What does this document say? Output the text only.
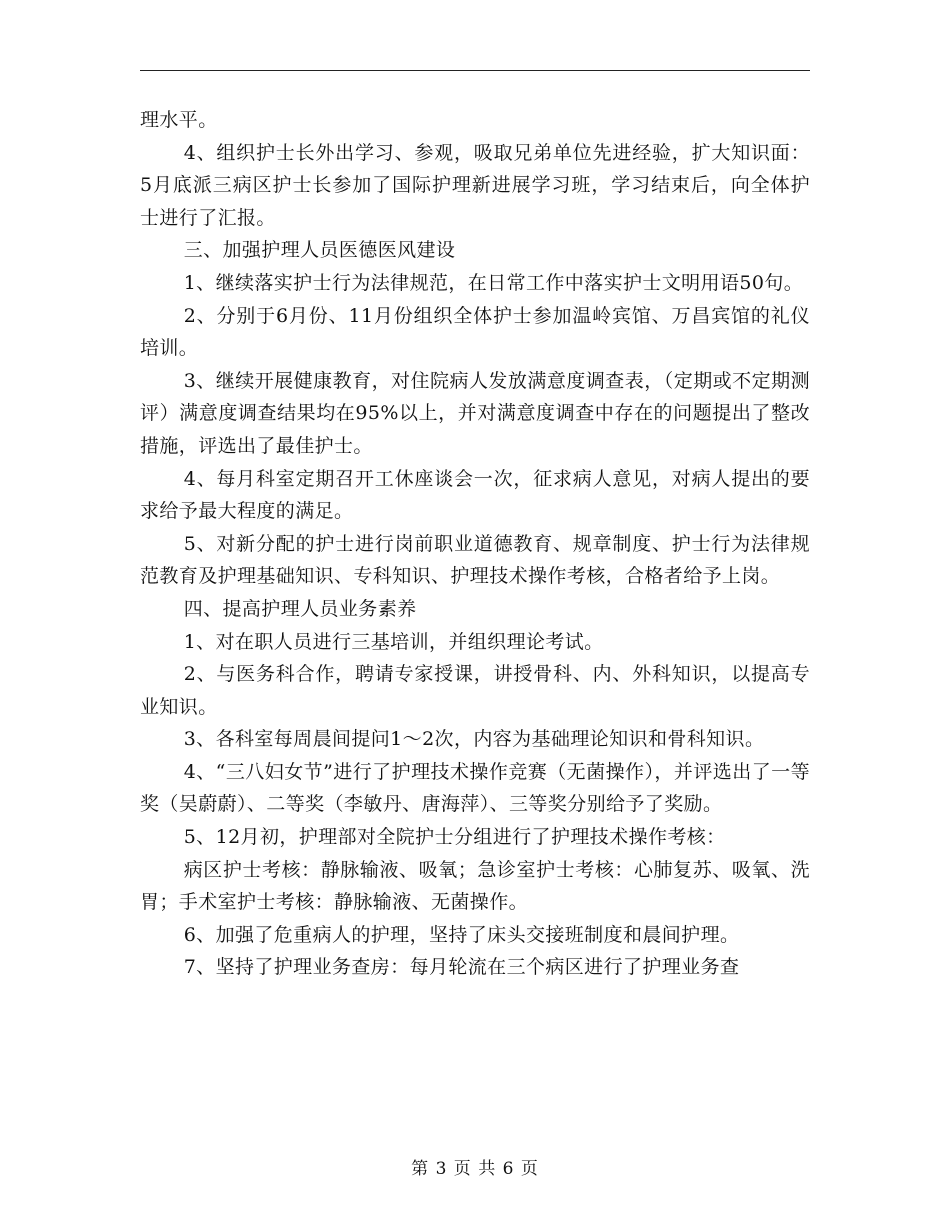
理水平。

4、组织护士长外出学习、参观，吸取兄弟单位先进经验，扩大知识面：5月底派三病区护士长参加了国际护理新进展学习班，学习结束后，向全体护士进行了汇报。

三、加强护理人员医德医风建设

1、继续落实护士行为法律规范，在日常工作中落实护士文明用语50句。

2、分别于6月份、11月份组织全体护士参加温岭宾馆、万昌宾馆的礼仪培训。

3、继续开展健康教育，对住院病人发放满意度调查表，（定期或不定期测评）满意度调查结果均在95%以上，并对满意度调查中存在的问题提出了整改措施，评选出了最佳护士。

4、每月科室定期召开工休座谈会一次，征求病人意见，对病人提出的要求给予最大程度的满足。

5、对新分配的护士进行岗前职业道德教育、规章制度、护士行为法律规范教育及护理基础知识、专科知识、护理技术操作考核，合格者给予上岗。

四、提高护理人员业务素养

1、对在职人员进行三基培训，并组织理论考试。

2、与医务科合作，聘请专家授课，讲授骨科、内、外科知识，以提高专业知识。

3、各科室每周晨间提问1～2次，内容为基础理论知识和骨科知识。

4、“三八妇女节”进行了护理技术操作竞赛（无菌操作），并评选出了一等奖（吴蔚蔚）、二等奖（李敏丹、唐海萍）、三等奖分别给予了奖励。

5、12月初，护理部对全院护士分组进行了护理技术操作考核：

病区护士考核：静脉输液、吸氧；急诊室护士考核：心肺复苏、吸氧、洗胃；手术室护士考核：静脉输液、无菌操作。

6、加强了危重病人的护理，坚持了床头交接班制度和晨间护理。

7、坚持了护理业务查房：每月轮流在三个病区进行了护理业务查

第 3 页 共 6 页
